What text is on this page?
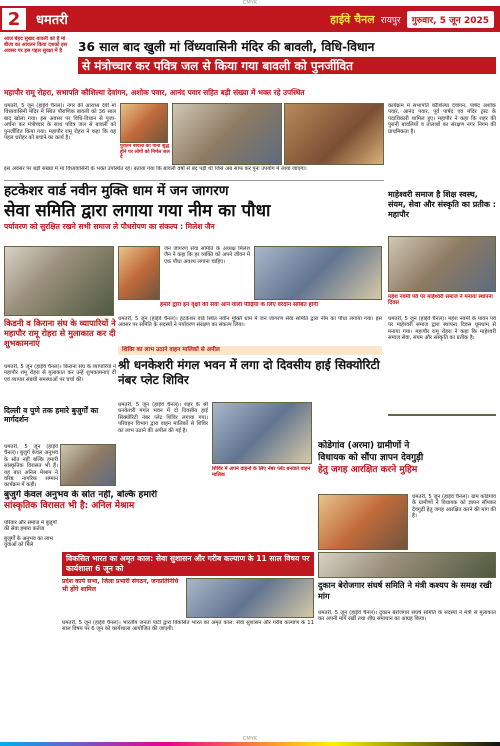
CMYK
2	धमतरी	हाईवे चैनल रायपुर	गुरुवार, 5 जून 2025
आज बेहद सुखद बावली को है मां बीजा का आयतन किया दशकों इस अवसर पर इस पहल सुरक्षा में है	36 साल बाद खुली मां विंध्यवासिनी मंदिर की बावली, विधि-विधान
से मंत्रोच्चार कर पवित्र जल से किया गया बावली को पुनर्जीवित
महापौर रामू रोहरा, सभापति कौशिल्या देवांगन, अशोक पवार, आनंद पवार सहित बड़ी संख्या में भक्त रहे उपस्थित
धमतरी, 5 जून (हाईवे चैनल)। नगर की आराध्य देवी मां विंध्यवासिनी मंदिर में स्थित पौराणिक बावली को 36 साल बाद खोला गया। इस अवसर पर विधि-विधान से पूजा-अर्चना कर मंत्रोच्चार के साथ पवित्र जल से बावली को पुनर्जीवित किया गया। महापौर रामू रोहरा ने कहा कि यह पहल धरोहर को बचाने का कार्य है।
पुरातन बावली का पानी शुद्ध होने पर लोगों को निर्मल जल दें
कार्यक्रम में सभापति कौशिल्या देवांगन, पार्षद अशोक पवार, आनंद पवार, पूर्व पार्षद एवं मंदिर ट्रस्ट के पदाधिकारी शामिल हुए। महापौर ने कहा कि शहर की पुरानी बावलियों व तालाबों का संरक्षण नगर निगम की प्राथमिकता है।
इस अवसर पर बड़ी संख्या में मां विंध्यवासिनी के भक्त उपस्थित रहे। बताया गया कि बावली वर्षों से बंद पड़ी थी जिसे अब साफ कर पुनः उपयोग में लाया जाएगा।
हटकेशर वार्ड नवीन मुक्ति धाम में जन जागरण
सेवा समिति द्वारा लगाया गया नीम का पौधा
पर्यावरण को सुरक्षित रखने सभी समाज ले पौधरोपण का संकल्प : मिलेश जैन
जन जागरण सेवा समिति के अध्यक्ष मिलेश जैन ने कहा कि हर व्यक्ति को अपने जीवन में एक पौधा अवश्य लगाना चाहिए।
हमारे द्वारा इन वृक्षों की सेवा आने वाली पीढ़ियों के लिए वरदान साबित होगी
धमतरी, 5 जून (हाईवे चैनल)। हटकेशर वार्ड स्थित नवीन मुक्ति धाम में जन जागरण सेवा समिति द्वारा नीम का पौधा लगाया गया। इस अवसर पर समिति के सदस्यों ने पर्यावरण संरक्षण का संकल्प लिया।
माहेश्वरी समाज है शिक्ष स्वस्थ, संयम, सेवा और संस्कृति का प्रतीक : महापौर
महेश नवमी पर्व पर माहेश्वरी समाज ने मनाया स्थापना दिवस
धमतरी, 5 जून (हाईवे चैनल)। महेश नवमी के पावन पर्व पर माहेश्वरी समाज द्वारा स्थापना दिवस धूमधाम से मनाया गया। महापौर रामू रोहरा ने कहा कि माहेश्वरी समाज सेवा, संयम और संस्कृति का प्रतीक है।
किडनी व किराना संघ के व्यापारियों ने महापौर रामू रोहरा से मुलाकात कर दी शुभकामनाएं
धमतरी, 5 जून (हाईवे चैनल)। किराना संघ के व्यापारियों ने महापौर रामू रोहरा से मुलाकात कर उन्हें शुभकामनाएं दीं एवं व्यापार संबंधी समस्याओं पर चर्चा की।
शिविर का लाभ उठाने वाहन मालिकों से अपील
श्री धनकेशरी मंगल भवन में लगा दो दिवसीय हाई सिक्योरिटी नंबर प्लेट शिविर
धमतरी, 5 जून (हाईवे चैनल)। शहर के श्री धनकेशरी मंगल भवन में दो दिवसीय हाई सिक्योरिटी नंबर प्लेट शिविर लगाया गया। परिवहन विभाग द्वारा वाहन मालिकों से शिविर का लाभ उठाने की अपील की गई है।
शिविर में अपने वाहनों के लिए नंबर प्लेट बनवाते वाहन मालिक
कोडेगांव (अरमा) ग्रामीणों ने
विधायक को सौंपा ज्ञापन देवगुड़ी
हेतु जगह आरक्षित करने मुहिम
धमतरी, 5 जून (हाईवे चैनल)। ग्राम कोडेगांव के ग्रामीणों ने विधायक को ज्ञापन सौंपकर देवगुड़ी हेतु जगह आरक्षित करने की मांग की है।
दिल्ली व पुणे तक हमारे बुजुर्गों का मार्गदर्शन
बुजुर्ग केवल अनुभव के स्रोत नहीं, बल्कि हमारी
सांस्कृतिक विरासत भी है: अनिल मेश्राम
धमतरी, 5 जून (हाईवे चैनल)। बुजुर्ग केवल अनुभव के स्रोत नहीं बल्कि हमारी सांस्कृतिक विरासत भी हैं। यह बात अनिल मेश्राम ने वरिष्ठ नागरिक सम्मान कार्यक्रम में कही।
परिवार और समाज में बुजुर्गों की सेवा हमारा कर्तव्य
बुजुर्गों के अनुभव का लाभ युवाओं को मिले
विकसित भारत का अमृत काल: सेवा सुशासन और गरीब कल्याण के 11 साल विषय पर कार्यशाला 6 जून को
प्रदेश कार्य सभा, जिला प्रभारी संगठन, जनप्रतिनिधि भी होंगे शामिल
धमतरी, 5 जून (हाईवे चैनल)। भारतीय जनता पार्टी द्वारा विकसित भारत का अमृत काल: सेवा सुशासन और गरीब कल्याण के 11 साल विषय पर 6 जून को कार्यशाला आयोजित की जाएगी।
दुकान बेरोजगार संघर्ष समिति ने मंत्री कश्यप के समक्ष रखी मांग
धमतरी, 5 जून (हाईवे चैनल)। दुकान बेरोजगार संघर्ष समिति के सदस्यों ने मंत्री से मुलाकात कर अपनी मांगें रखीं तथा शीघ्र समाधान का आग्रह किया।
CMYK
